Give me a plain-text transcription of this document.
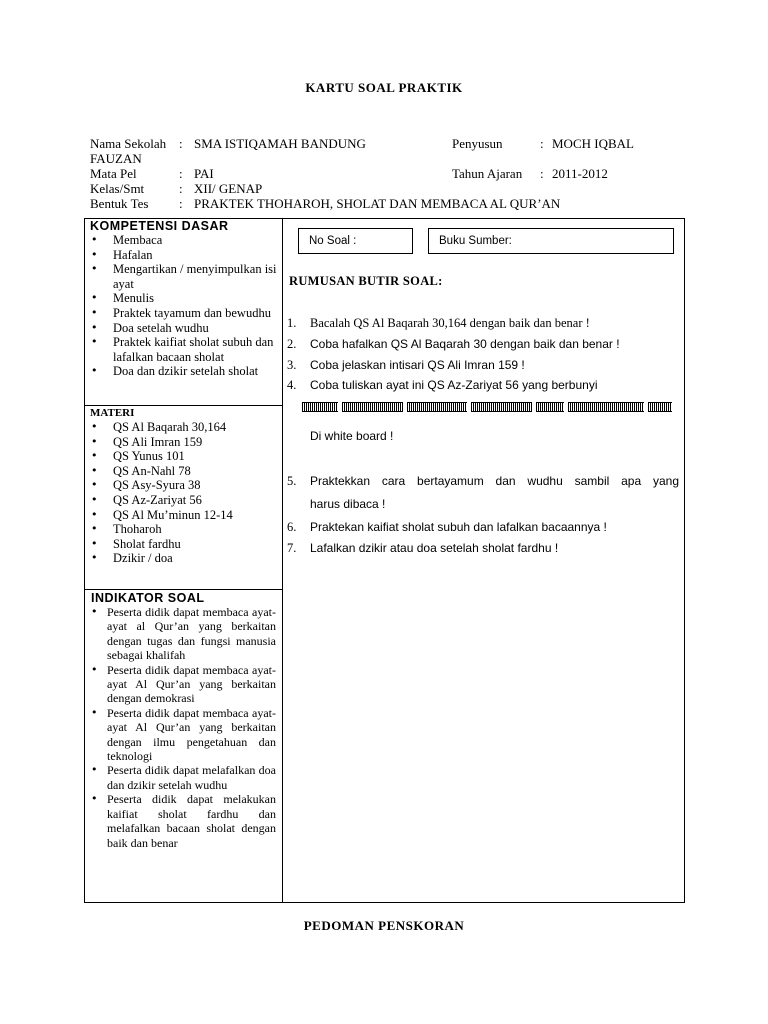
KARTU SOAL PRAKTIK
Nama Sekolah : SMA ISTIQAMAH BANDUNG	Penyusun	: MOCH IQBAL
FAUZAN
Mata Pel	: PAI	Tahun Ajaran : 2011-2012
Kelas/Smt	: XII/ GENAP
Bentuk Tes : PRAKTEK THOHAROH, SHOLAT DAN MEMBACA AL QUR’AN
KOMPETENSI DASAR
• Membaca
• Hafalan
• Mengartikan / menyimpulkan isi ayat
• Menulis
• Praktek tayamum dan bewudhu
• Doa setelah wudhu
• Praktek kaifiat sholat subuh dan lafalkan bacaan sholat
• Doa dan dzikir setelah sholat
MATERI
• QS Al Baqarah 30,164
• QS Ali Imran 159
• QS Yunus 101
• QS An-Nahl 78
• QS Asy-Syura 38
• QS Az-Zariyat 56
• QS Al Mu’minun 12-14
• Thoharoh
• Sholat fardhu
• Dzikir / doa
INDIKATOR SOAL
• Peserta didik dapat membaca ayat-ayat al Qur’an yang berkaitan dengan tugas dan fungsi manusia sebagai khalifah
• Peserta didik dapat membaca ayat-ayat Al Qur’an yang berkaitan dengan demokrasi
• Peserta didik dapat membaca ayat-ayat Al Qur’an yang berkaitan dengan ilmu pengetahuan dan teknologi
• Peserta didik dapat melafalkan doa dan dzikir setelah wudhu
• Peserta didik dapat melakukan kaifiat sholat fardhu dan melafalkan bacaan sholat dengan baik dan benar
No Soal :	Buku Sumber:
RUMUSAN BUTIR SOAL:
1. Bacalah QS Al Baqarah 30,164 dengan baik dan benar !
2. Coba hafalkan QS Al Baqarah 30 dengan baik dan benar !
3. Coba jelaskan intisari QS Ali Imran 159 !
4. Coba tuliskan ayat ini QS Az-Zariyat 56 yang berbunyi
Di white board !
5. Praktekkan cara bertayamum dan wudhu sambil apa yang
harus dibaca !
6. Praktekan kaifiat sholat subuh dan lafalkan bacaannya !
7. Lafalkan dzikir atau doa setelah sholat fardhu !
PEDOMAN PENSKORAN
